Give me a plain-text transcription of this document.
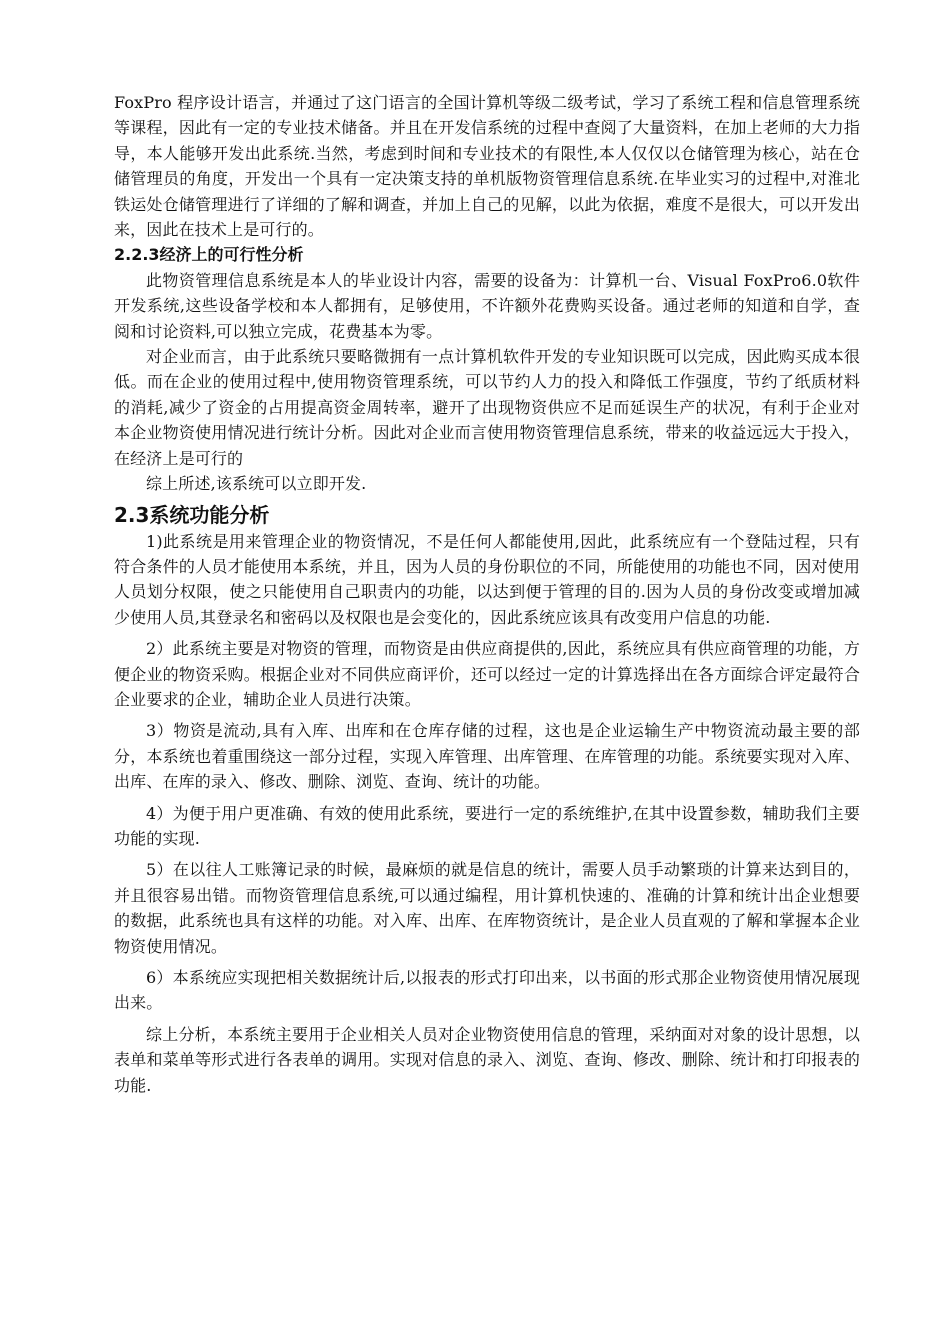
FoxPro 程序设计语言，并通过了这门语言的全国计算机等级二级考试，学习了系统工程和信息管理系统等课程，因此有一定的专业技术储备。并且在开发信系统的过程中查阅了大量资料，在加上老师的大力指导，本人能够开发出此系统.当然，考虑到时间和专业技术的有限性,本人仅仅以仓储管理为核心，站在仓储管理员的角度，开发出一个具有一定决策支持的单机版物资管理信息系统.在毕业实习的过程中,对淮北铁运处仓储管理进行了详细的了解和调查，并加上自己的见解，以此为依据，难度不是很大，可以开发出来，因此在技术上是可行的。

2.2.3经济上的可行性分析

此物资管理信息系统是本人的毕业设计内容，需要的设备为：计算机一台、Visual FoxPro6.0软件开发系统,这些设备学校和本人都拥有，足够使用，不许额外花费购买设备。通过老师的知道和自学，查阅和讨论资料,可以独立完成，花费基本为零。

对企业而言，由于此系统只要略微拥有一点计算机软件开发的专业知识既可以完成，因此购买成本很低。而在企业的使用过程中,使用物资管理系统，可以节约人力的投入和降低工作强度，节约了纸质材料的消耗,减少了资金的占用提高资金周转率，避开了出现物资供应不足而延误生产的状况，有利于企业对本企业物资使用情况进行统计分析。因此对企业而言使用物资管理信息系统，带来的收益远远大于投入，在经济上是可行的

综上所述,该系统可以立即开发.

2.3系统功能分析

1)此系统是用来管理企业的物资情况，不是任何人都能使用,因此，此系统应有一个登陆过程，只有符合条件的人员才能使用本系统，并且，因为人员的身份职位的不同，所能使用的功能也不同，因对使用人员划分权限，使之只能使用自己职责内的功能，以达到便于管理的目的.因为人员的身份改变或增加减少使用人员,其登录名和密码以及权限也是会变化的，因此系统应该具有改变用户信息的功能.

2）此系统主要是对物资的管理，而物资是由供应商提供的,因此，系统应具有供应商管理的功能，方便企业的物资采购。根据企业对不同供应商评价，还可以经过一定的计算选择出在各方面综合评定最符合企业要求的企业，辅助企业人员进行决策。

3）物资是流动,具有入库、出库和在仓库存储的过程，这也是企业运输生产中物资流动最主要的部分，本系统也着重围绕这一部分过程，实现入库管理、出库管理、在库管理的功能。系统要实现对入库、出库、在库的录入、修改、删除、浏览、查询、统计的功能。

4）为便于用户更准确、有效的使用此系统，要进行一定的系统维护,在其中设置参数，辅助我们主要功能的实现.

5）在以往人工账簿记录的时候，最麻烦的就是信息的统计，需要人员手动繁琐的计算来达到目的，并且很容易出错。而物资管理信息系统,可以通过编程，用计算机快速的、准确的计算和统计出企业想要的数据，此系统也具有这样的功能。对入库、出库、在库物资统计，是企业人员直观的了解和掌握本企业物资使用情况。

6）本系统应实现把相关数据统计后,以报表的形式打印出来，以书面的形式那企业物资使用情况展现出来。

综上分析，本系统主要用于企业相关人员对企业物资使用信息的管理，采纳面对对象的设计思想，以表单和菜单等形式进行各表单的调用。实现对信息的录入、浏览、查询、修改、删除、统计和打印报表的功能.
